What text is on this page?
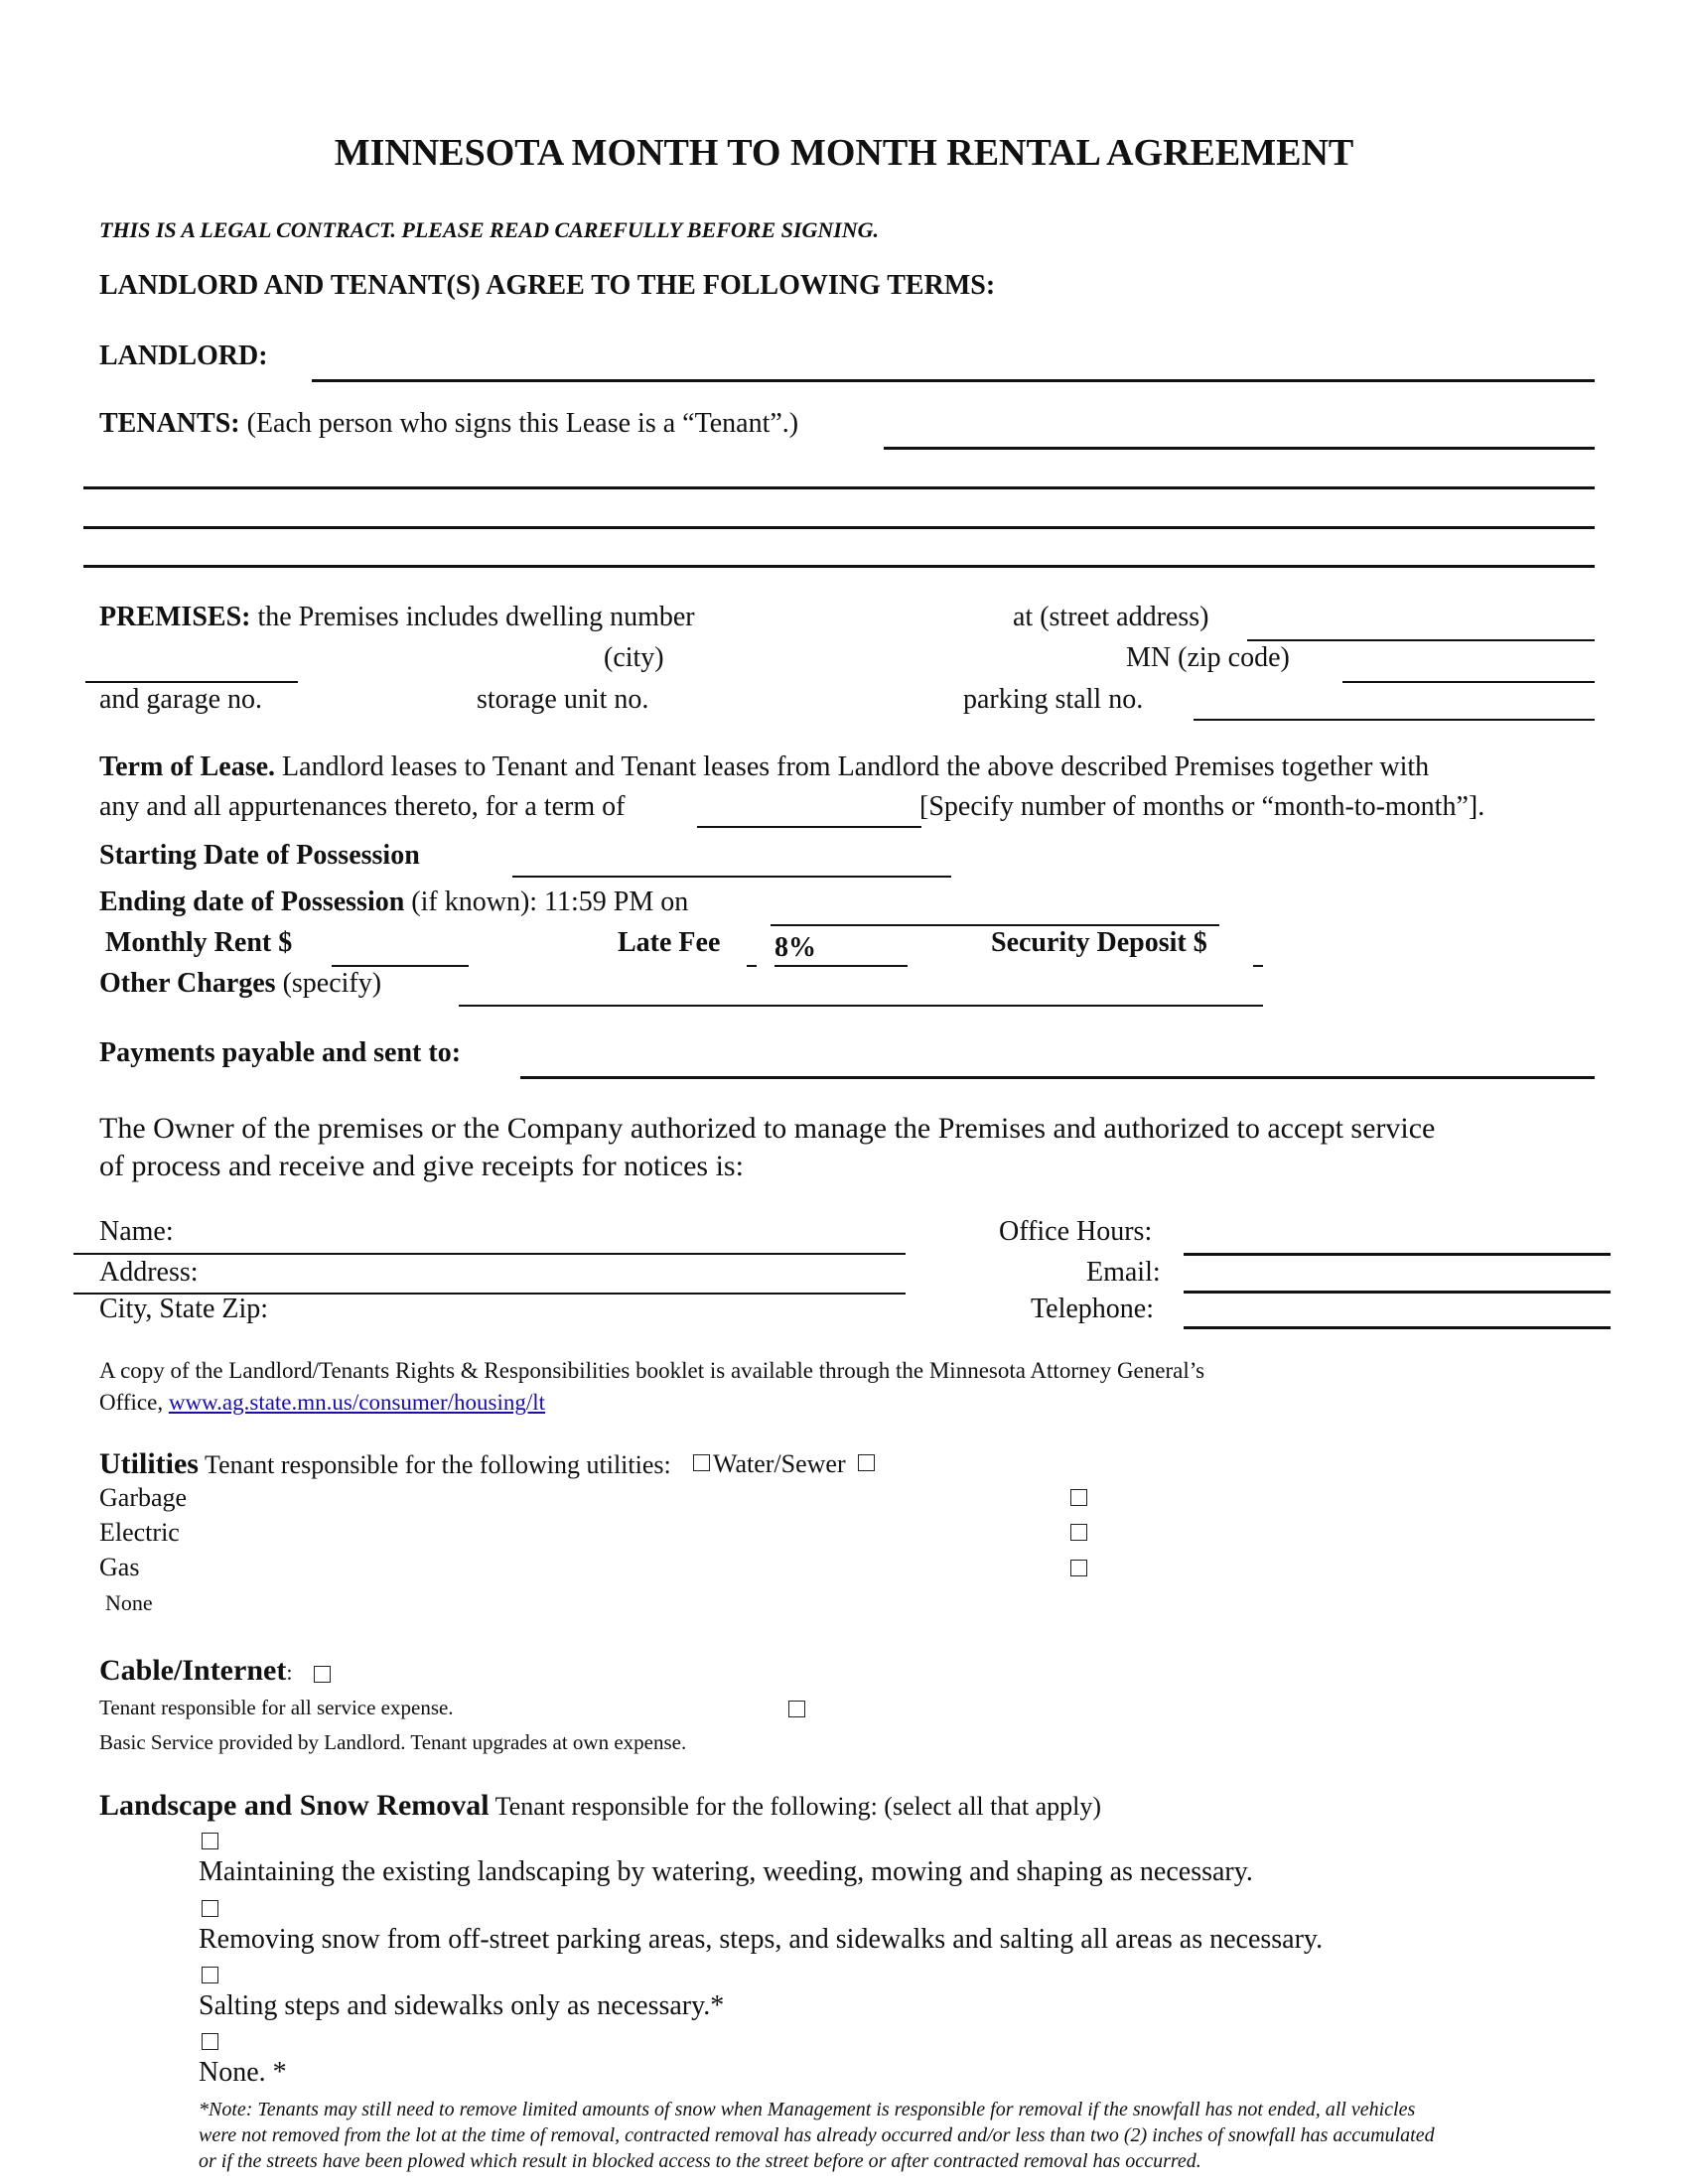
MINNESOTA MONTH TO MONTH RENTAL AGREEMENT
THIS IS A LEGAL CONTRACT. PLEASE READ CAREFULLY BEFORE SIGNING.
LANDLORD AND TENANT(S) AGREE TO THE FOLLOWING TERMS:
LANDLORD:
TENANTS: (Each person who signs this Lease is a “Tenant”.)
PREMISES: the Premises includes dwelling number	at (street address)
(city)	MN (zip code)
and garage no.	storage unit no.	parking stall no.
Term of Lease. Landlord leases to Tenant and Tenant leases from Landlord the above described Premises together with
any and all appurtenances thereto, for a term of	[Specify number of months or “month-to-month”].
Starting Date of Possession
Ending date of Possession (if known): 11:59 PM on
Monthly Rent $	Late Fee
8%	Security Deposit $
Other Charges (specify)
Payments payable and sent to:
The Owner of the premises or the Company authorized to manage the Premises and authorized to accept service
of process and receive and give receipts for notices is:
Name:
Address:
City, State Zip:
Office Hours:
Email:
Telephone:
A copy of the Landlord/Tenants Rights & Responsibilities booklet is available through the Minnesota Attorney General’s
Office, www.ag.state.mn.us/consumer/housing/lt
Utilities Tenant responsible for the following utilities: Water/Sewer
Garbage
Electric
Gas
None
Cable/Internet:
Tenant responsible for all service expense.
Basic Service provided by Landlord. Tenant upgrades at own expense.
Landscape and Snow Removal Tenant responsible for the following: (select all that apply)
Maintaining the existing landscaping by watering, weeding, mowing and shaping as necessary.
Removing snow from off-street parking areas, steps, and sidewalks and salting all areas as necessary.
Salting steps and sidewalks only as necessary.*
None. *
*Note: Tenants may still need to remove limited amounts of snow when Management is responsible for removal if the snowfall has not ended, all vehicles
were not removed from the lot at the time of removal, contracted removal has already occurred and/or less than two (2) inches of snowfall has accumulated
or if the streets have been plowed which result in blocked access to the street before or after contracted removal has occurred.
